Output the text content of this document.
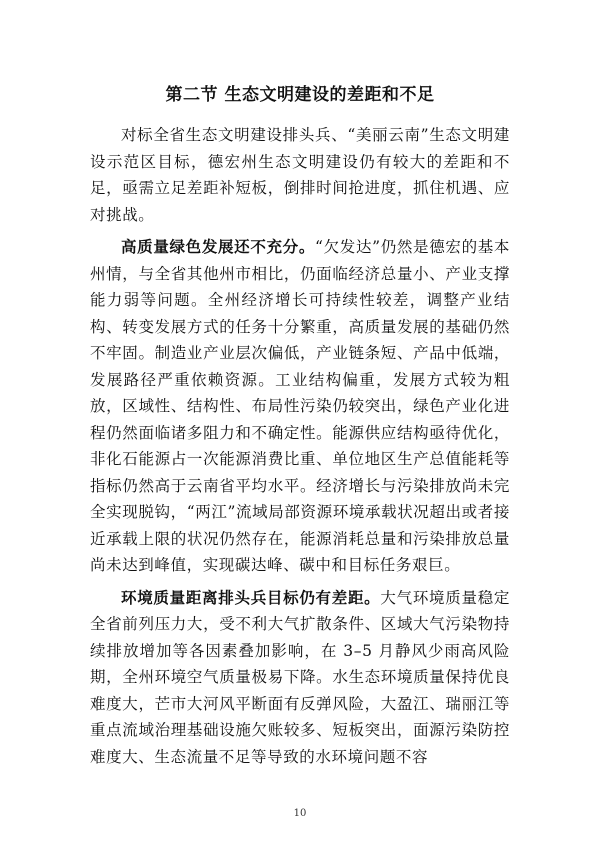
第二节 生态文明建设的差距和不足

对标全省生态文明建设排头兵、“美丽云南”生态文明建设示范区目标，德宏州生态文明建设仍有较大的差距和不足，亟需立足差距补短板，倒排时间抢进度，抓住机遇、应对挑战。

高质量绿色发展还不充分。“欠发达”仍然是德宏的基本州情，与全省其他州市相比，仍面临经济总量小、产业支撑能力弱等问题。全州经济增长可持续性较差，调整产业结构、转变发展方式的任务十分繁重，高质量发展的基础仍然不牢固。制造业产业层次偏低，产业链条短、产品中低端，发展路径严重依赖资源。工业结构偏重，发展方式较为粗放，区域性、结构性、布局性污染仍较突出，绿色产业化进程仍然面临诸多阻力和不确定性。能源供应结构亟待优化，非化石能源占一次能源消费比重、单位地区生产总值能耗等指标仍然高于云南省平均水平。经济增长与污染排放尚未完全实现脱钩，“两江”流域局部资源环境承载状况超出或者接近承载上限的状况仍然存在，能源消耗总量和污染排放总量尚未达到峰值，实现碳达峰、碳中和目标任务艰巨。

环境质量距离排头兵目标仍有差距。大气环境质量稳定全省前列压力大，受不利大气扩散条件、区域大气污染物持续排放增加等各因素叠加影响，在 3–5 月静风少雨高风险期，全州环境空气质量极易下降。水生态环境质量保持优良难度大，芒市大河风平断面有反弹风险，大盈江、瑞丽江等重点流域治理基础设施欠账较多、短板突出，面源污染防控难度大、生态流量不足等导致的水环境问题不容

10
